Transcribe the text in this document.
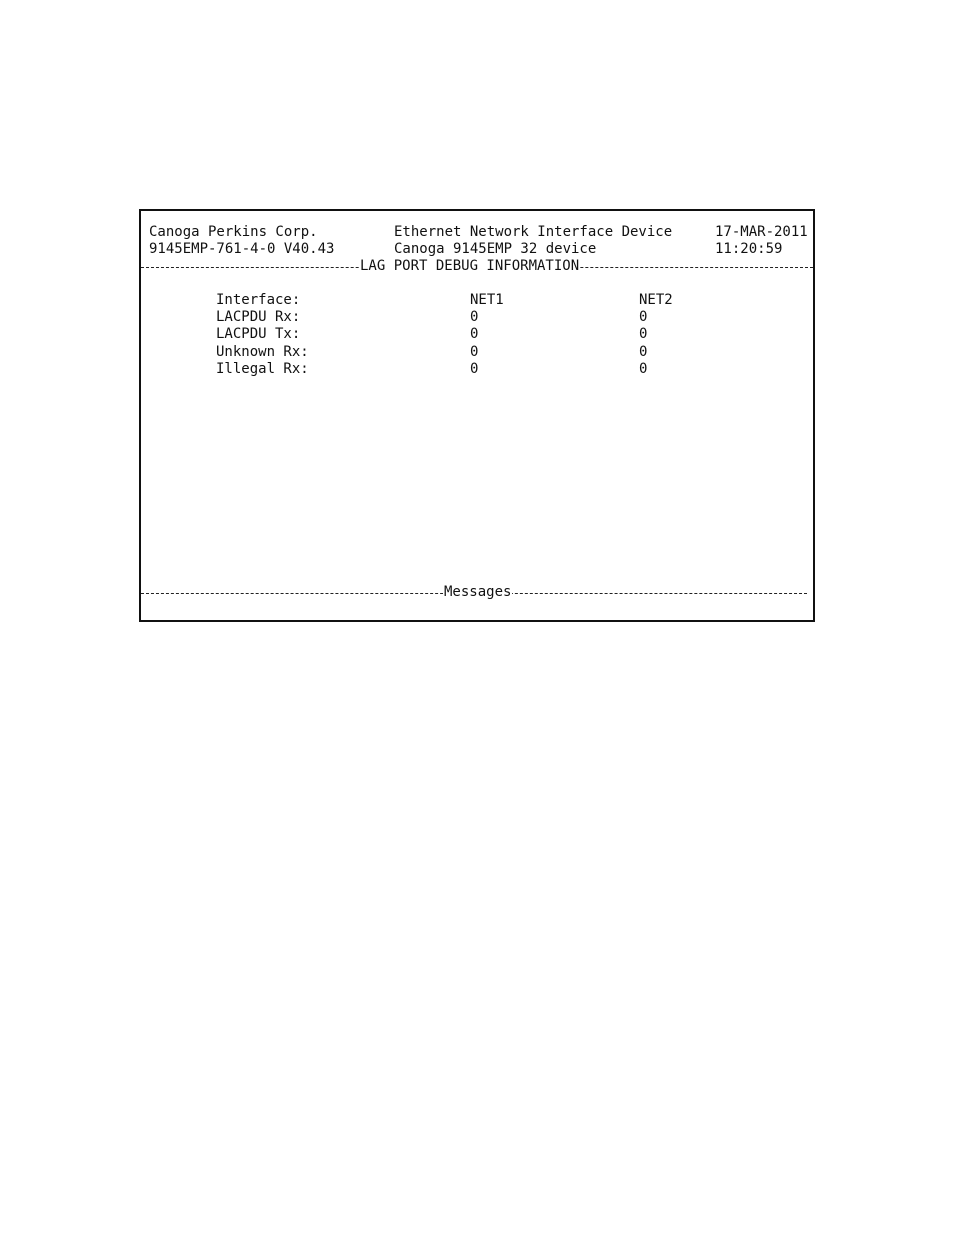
Canoga Perkins Corp.
9145EMP-761-4-0 V40.43
Ethernet Network Interface Device
Canoga 9145EMP 32 device
17-MAR-2011
11:20:59
LAG PORT DEBUG INFORMATION
Interface:	NET1	NET2
LACPDU Rx:	0	0
LACPDU Tx:	0	0
Unknown Rx:	0	0
Illegal Rx:	0	0
Messages
